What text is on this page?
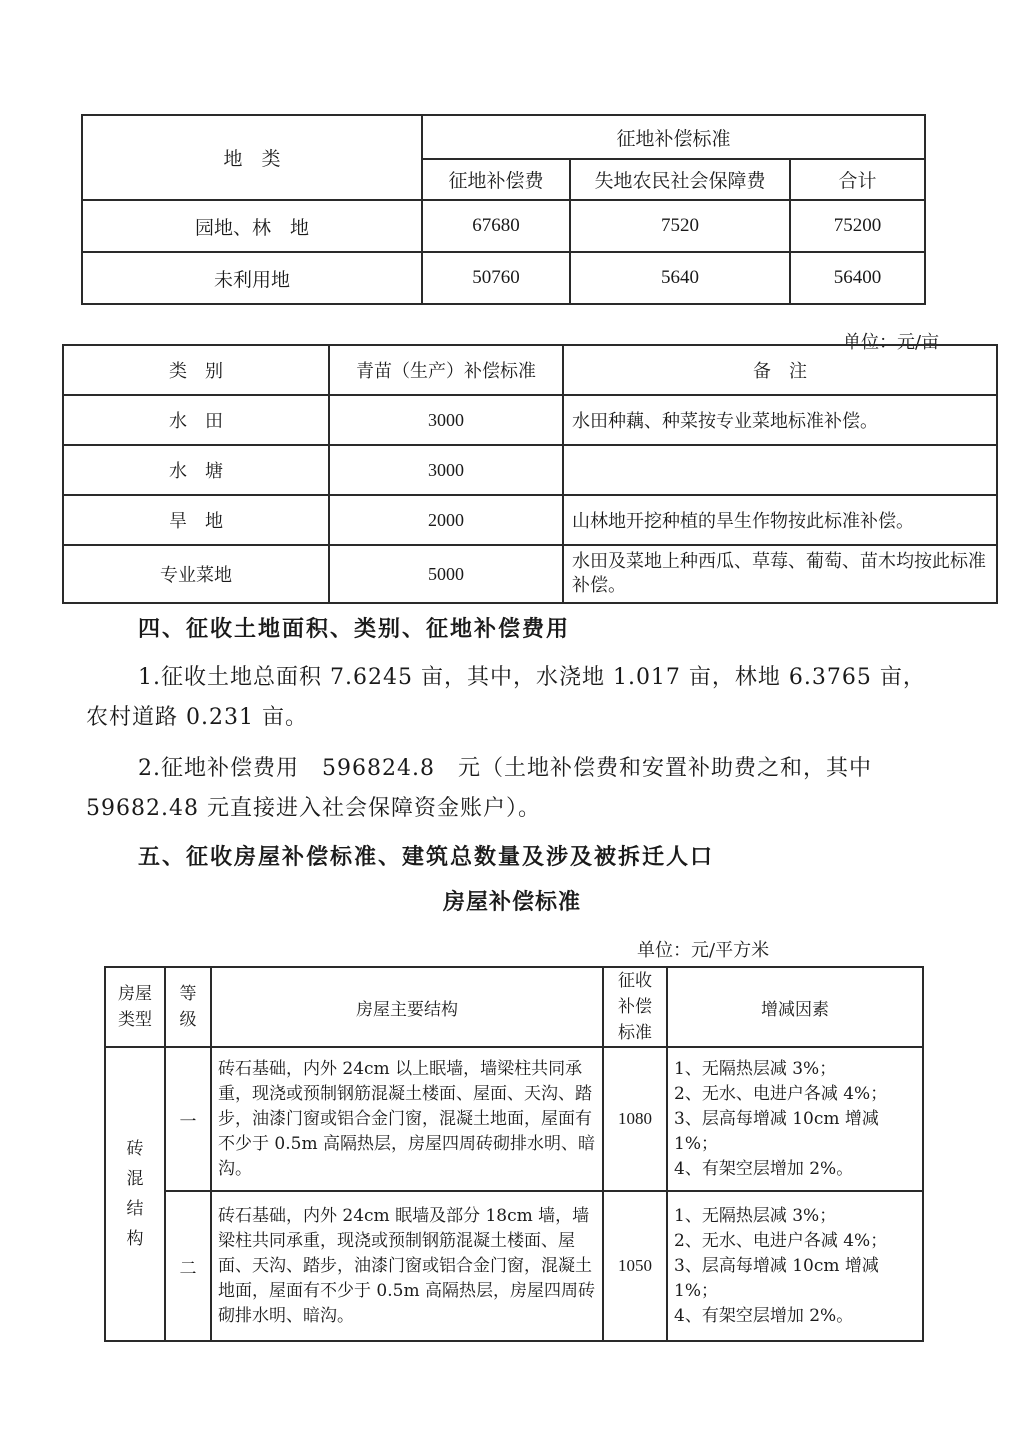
地　类	征地补偿标准		
	征地补偿费	失地农民社会保障费	合计
园地、林　地	67680	7520	75200
未利用地	50760	5640	56400
单位：元/亩
类　别	青苗（生产）补偿标准	备　注
水　田	3000	水田种藕、种菜按专业菜地标准补偿。
水　塘	3000	
旱　地	2000	山林地开挖种植的旱生作物按此标准补偿。
专业菜地	5000	水田及菜地上种西瓜、草莓、葡萄、苗木均按此标准补偿。
四、征收土地面积、类别、征地补偿费用
1.征收土地总面积 7.6245 亩，其中，水浇地 1.017 亩，林地 6.3765 亩，
农村道路 0.231 亩。
2.征地补偿费用　596824.8　元（土地补偿费和安置补助费之和，其中
59682.48 元直接进入社会保障资金账户）。
五、征收房屋补偿标准、建筑总数量及涉及被拆迁人口
房屋补偿标准
单位：元/平方米
房屋类型	等级	房屋主要结构	征收补偿标准	增减因素
砖混结构	一	砖石基础，内外 24cm 以上眠墙，墙梁柱共同承重，现浇或预制钢筋混凝土楼面、屋面、天沟、踏步，油漆门窗或铝合金门窗，混凝土地面，屋面有不少于 0.5m 高隔热层，房屋四周砖砌排水明、暗沟。	1080	1、无隔热层减 3%；
2、无水、电进户各减 4%；
3、层高每增减 10cm 增减 1%；
4、有架空层增加 2%。

	二	砖石基础，内外 24cm 眠墙及部分 18cm 墙，墙梁柱共同承重，现浇或预制钢筋混凝土楼面、屋面、天沟、踏步，油漆门窗或铝合金门窗，混凝土地面，屋面有不少于 0.5m 高隔热层，房屋四周砖砌排水明、暗沟。	1050	1、无隔热层减 3%；
2、无水、电进户各减 4%；
3、层高每增减 10cm 增减 1%；
4、有架空层增加 2%。
